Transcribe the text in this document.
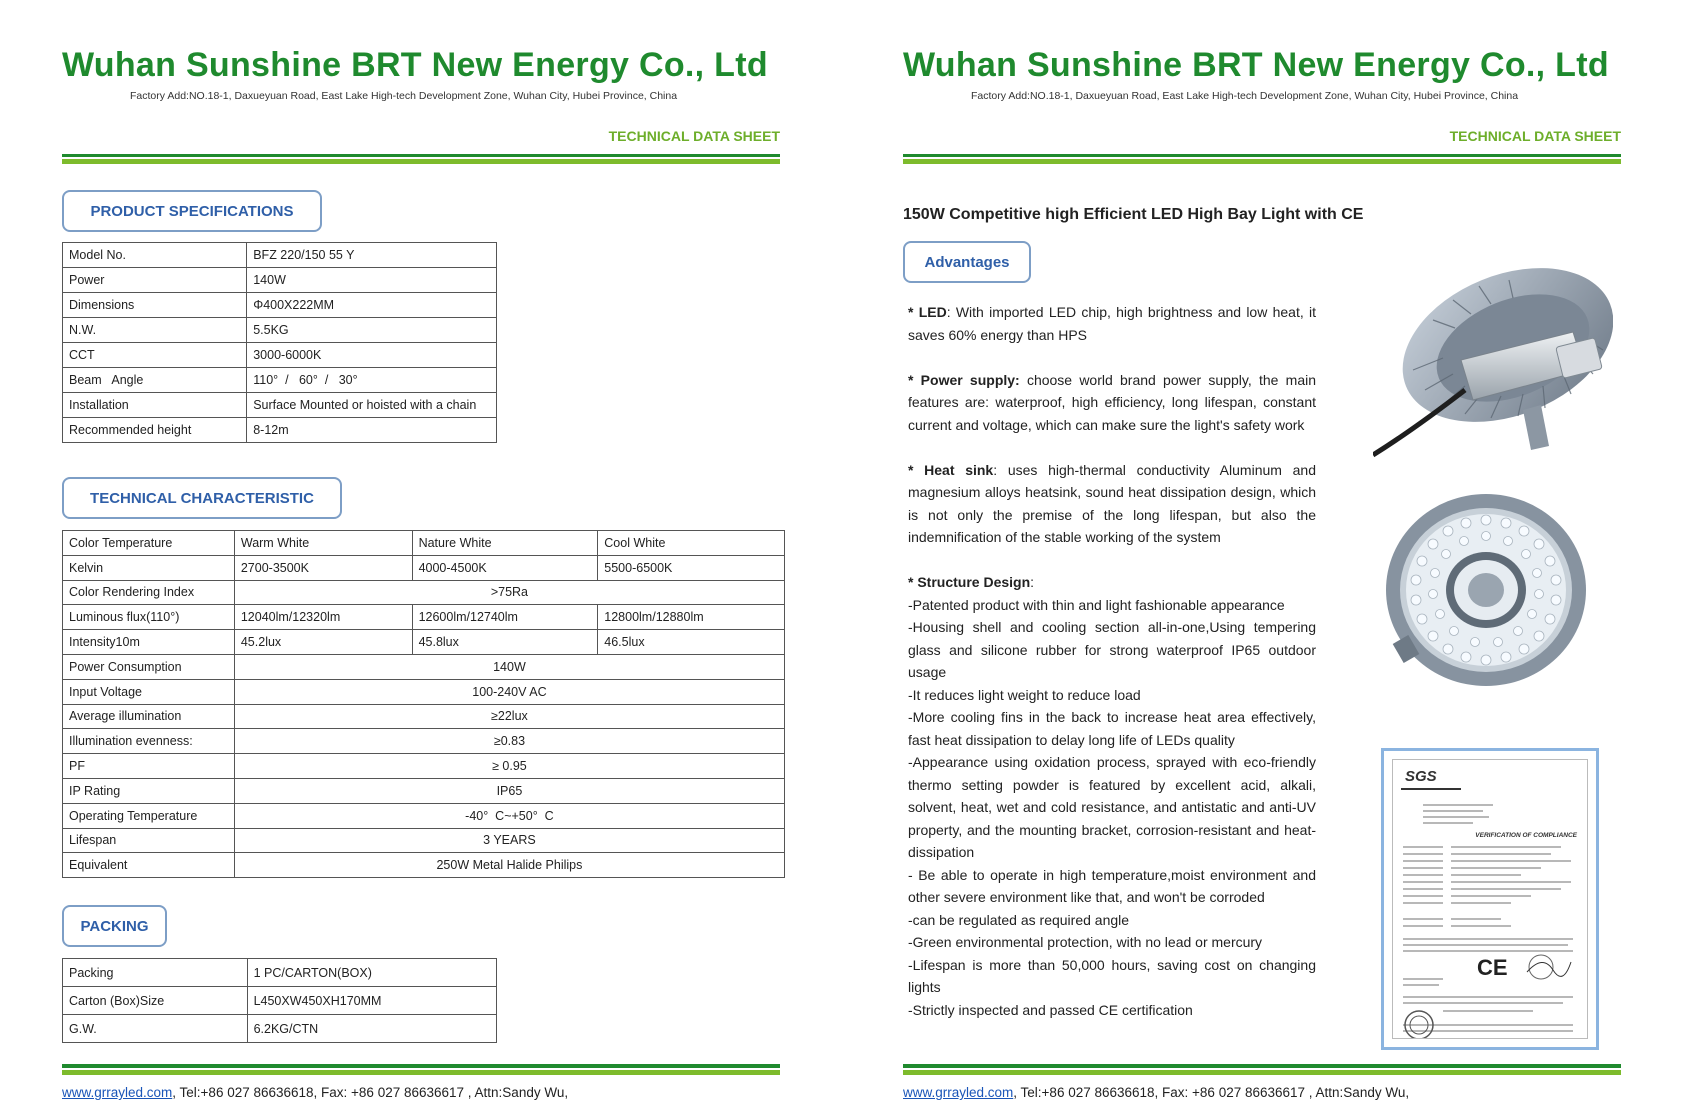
Wuhan Sunshine BRT New Energy Co., Ltd
Factory Add:NO.18-1, Daxueyuan Road, East Lake High-tech Development Zone, Wuhan City, Hubei Province, China
TECHNICAL DATA SHEET
PRODUCT SPECIFICATIONS
Model No.	BFZ 220/150 55 Y
Power	140W
Dimensions	Φ400X222MM
N.W.	5.5KG
CCT	3000-6000K
Beam   Angle	110°  /   60°  /   30°
Installation	Surface Mounted or hoisted with a chain
Recommended height	8-12m
TECHNICAL CHARACTERISTIC
Color Temperature	Warm White	Nature White	Cool White
Kelvin	2700-3500K	4000-4500K	5500-6500K
Color Rendering Index	>75Ra		
Luminous flux(110°)	12040lm/12320lm	12600lm/12740lm	12800lm/12880lm
Intensity10m	45.2lux	45.8lux	46.5lux
Power Consumption	140W		
Input Voltage	100-240V AC		
Average illumination	≥22lux		
Illumination evenness:	≥0.83		
PF	≥ 0.95		
IP Rating	IP65		
Operating Temperature	-40°  C~+50°  C		
Lifespan	3 YEARS		
Equivalent	250W Metal Halide Philips		
PACKING
Packing	1 PC/CARTON(BOX)
Carton (Box)Size	L450XW450XH170MM
G.W.	6.2KG/CTN
www.grrayled.com, Tel:+86 027 86636618, Fax: +86 027 86636617 , Attn:Sandy Wu,
Wuhan Sunshine BRT New Energy Co., Ltd
Factory Add:NO.18-1, Daxueyuan Road, East Lake High-tech Development Zone, Wuhan City, Hubei Province, China
TECHNICAL DATA SHEET
150W Competitive high Efficient LED High Bay Light with CE
Advantages

* LED: With imported LED chip, high brightness and low heat, it saves 60% energy than HPS

* Power supply: choose world brand power supply, the main features are: waterproof, high efficiency, long lifespan, constant current and voltage, which can make sure the light's safety work

* Heat sink: uses high-thermal conductivity Aluminum and magnesium alloys heatsink, sound heat dissipation design, which is not only the premise of the long lifespan, but also the indemnification of the stable working of the system

* Structure Design:

-Patented product with thin and light fashionable appearance

-Housing shell and cooling section all-in-one,Using tempering glass and silicone rubber for strong waterproof IP65 outdoor usage

-It reduces light weight to reduce load

-More cooling fins in the back to increase heat area effectively, fast heat dissipation to delay long life of LEDs quality

-Appearance using oxidation process, sprayed with eco-friendly thermo setting powder is featured by excellent acid, alkali, solvent, heat, wet and cold resistance, and antistatic and anti-UV property, and the mounting bracket, corrosion-resistant and heat-dissipation

- Be able to operate in high temperature,moist environment and other severe environment like that, and won't be corroded

-can be regulated as required angle

-Green environmental protection, with no lead or mercury

-Lifespan is more than 50,000 hours, saving cost on changing lights

-Strictly inspected and passed CE certification

SGS
VERIFICATION OF COMPLIANCE
CE
www.grrayled.com, Tel:+86 027 86636618, Fax: +86 027 86636617 , Attn:Sandy Wu,
